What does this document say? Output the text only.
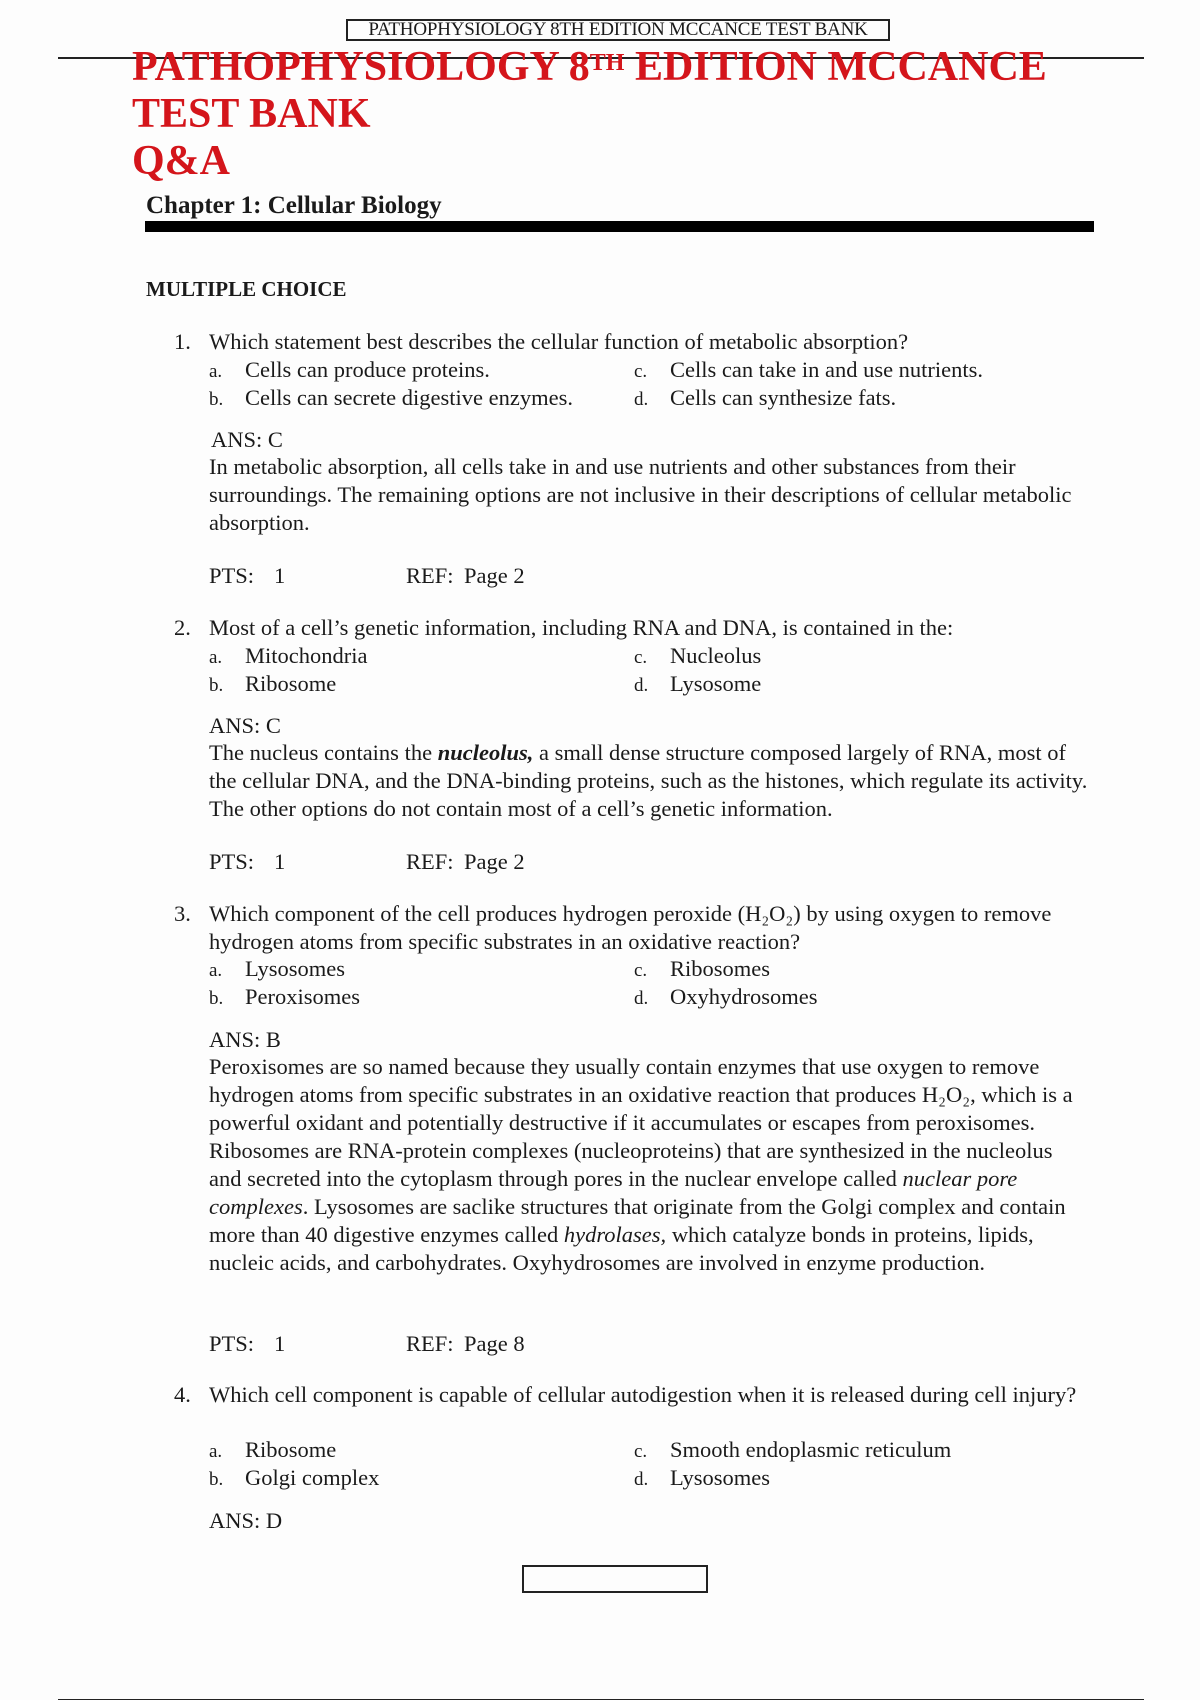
PATHOPHYSIOLOGY 8TH EDITION MCCANCE TEST BANK
PATHOPHYSIOLOGY 8TH EDITION MCCANCE
TEST BANK
Q&A
Chapter 1: Cellular Biology
MULTIPLE CHOICE
1. Which statement best describes the cellular function of metabolic absorption?
a. Cells can produce proteins.
b. Cells can secrete digestive enzymes.
c. Cells can take in and use nutrients.
d. Cells can synthesize fats.
ANS: C
In metabolic absorption, all cells take in and use nutrients and other substances from their surroundings. The remaining options are not inclusive in their descriptions of cellular metabolic absorption.
PTS: 1	REF: Page 2
2. Most of a cell’s genetic information, including RNA and DNA, is contained in the:
a. Mitochondria
b. Ribosome
c. Nucleolus
d. Lysosome
ANS: C
The nucleus contains the nucleolus, a small dense structure composed largely of RNA, most of the cellular DNA, and the DNA-binding proteins, such as the histones, which regulate its activity. The other options do not contain most of a cell’s genetic information.
PTS: 1	REF: Page 2
3. Which component of the cell produces hydrogen peroxide (H₂O₂) by using oxygen to remove hydrogen atoms from specific substrates in an oxidative reaction?
a. Lysosomes
b. Peroxisomes
c. Ribosomes
d. Oxyhydrosomes
ANS: B
Peroxisomes are so named because they usually contain enzymes that use oxygen to remove hydrogen atoms from specific substrates in an oxidative reaction that produces H₂O₂, which is a powerful oxidant and potentially destructive if it accumulates or escapes from peroxisomes. Ribosomes are RNA-protein complexes (nucleoproteins) that are synthesized in the nucleolus and secreted into the cytoplasm through pores in the nuclear envelope called nuclear pore complexes. Lysosomes are saclike structures that originate from the Golgi complex and contain more than 40 digestive enzymes called hydrolases, which catalyze bonds in proteins, lipids, nucleic acids, and carbohydrates. Oxyhydrosomes are involved in enzyme production.
PTS: 1	REF: Page 8
4. Which cell component is capable of cellular autodigestion when it is released during cell injury?
a. Ribosome
b. Golgi complex
c. Smooth endoplasmic reticulum
d. Lysosomes
ANS: D
